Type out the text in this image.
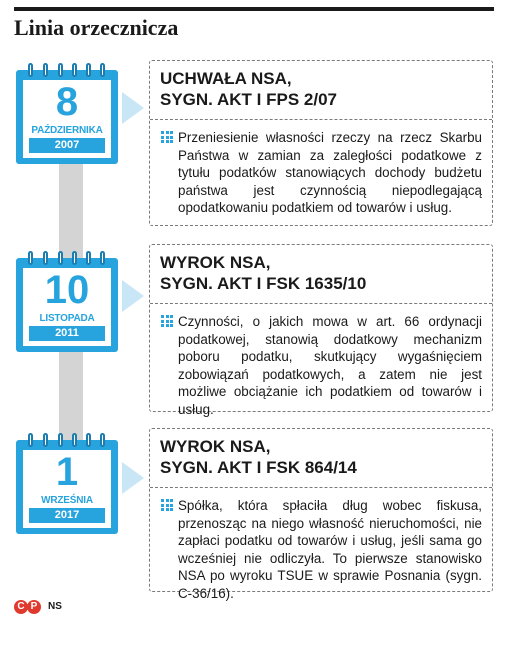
Linia orzecznicza
8
PAŹDZIERNIKA
2007

UCHWAŁA NSA,
SYGN. AKT I FPS 2/07

Przeniesienie własności rzeczy na rzecz Skarbu Państwa w zamian za zaległości podatkowe z tytułu podatków stanowiących dochody budżetu państwa jest czynnością niepodlegającą opodatkowaniu podatkiem od towarów i usług.

10
LISTOPADA
2011

WYROK NSA,
SYGN. AKT I FSK 1635/10

Czynności, o jakich mowa w art. 66 ordynacji podatkowej, stanowią dodatkowy mechanizm poboru podatku, skutkujący wygaśnięciem zobowiązań podatkowych, a zatem nie jest możliwe obciążanie ich podatkiem od towarów i usług.

1
WRZEŚNIA
2017

WYROK NSA,
SYGN. AKT I FSK 864/14

Spółka, która spłaciła dług wobec fiskusa, przenosząc na niego własność nieruchomości, nie zapłaci podatku od towarów i usług, jeśli sama go wcześniej nie odliczyła. To pierwsze stanowisko NSA po wyroku TSUE w sprawie Posnania (sygn. C-36/16).

C P	NS
